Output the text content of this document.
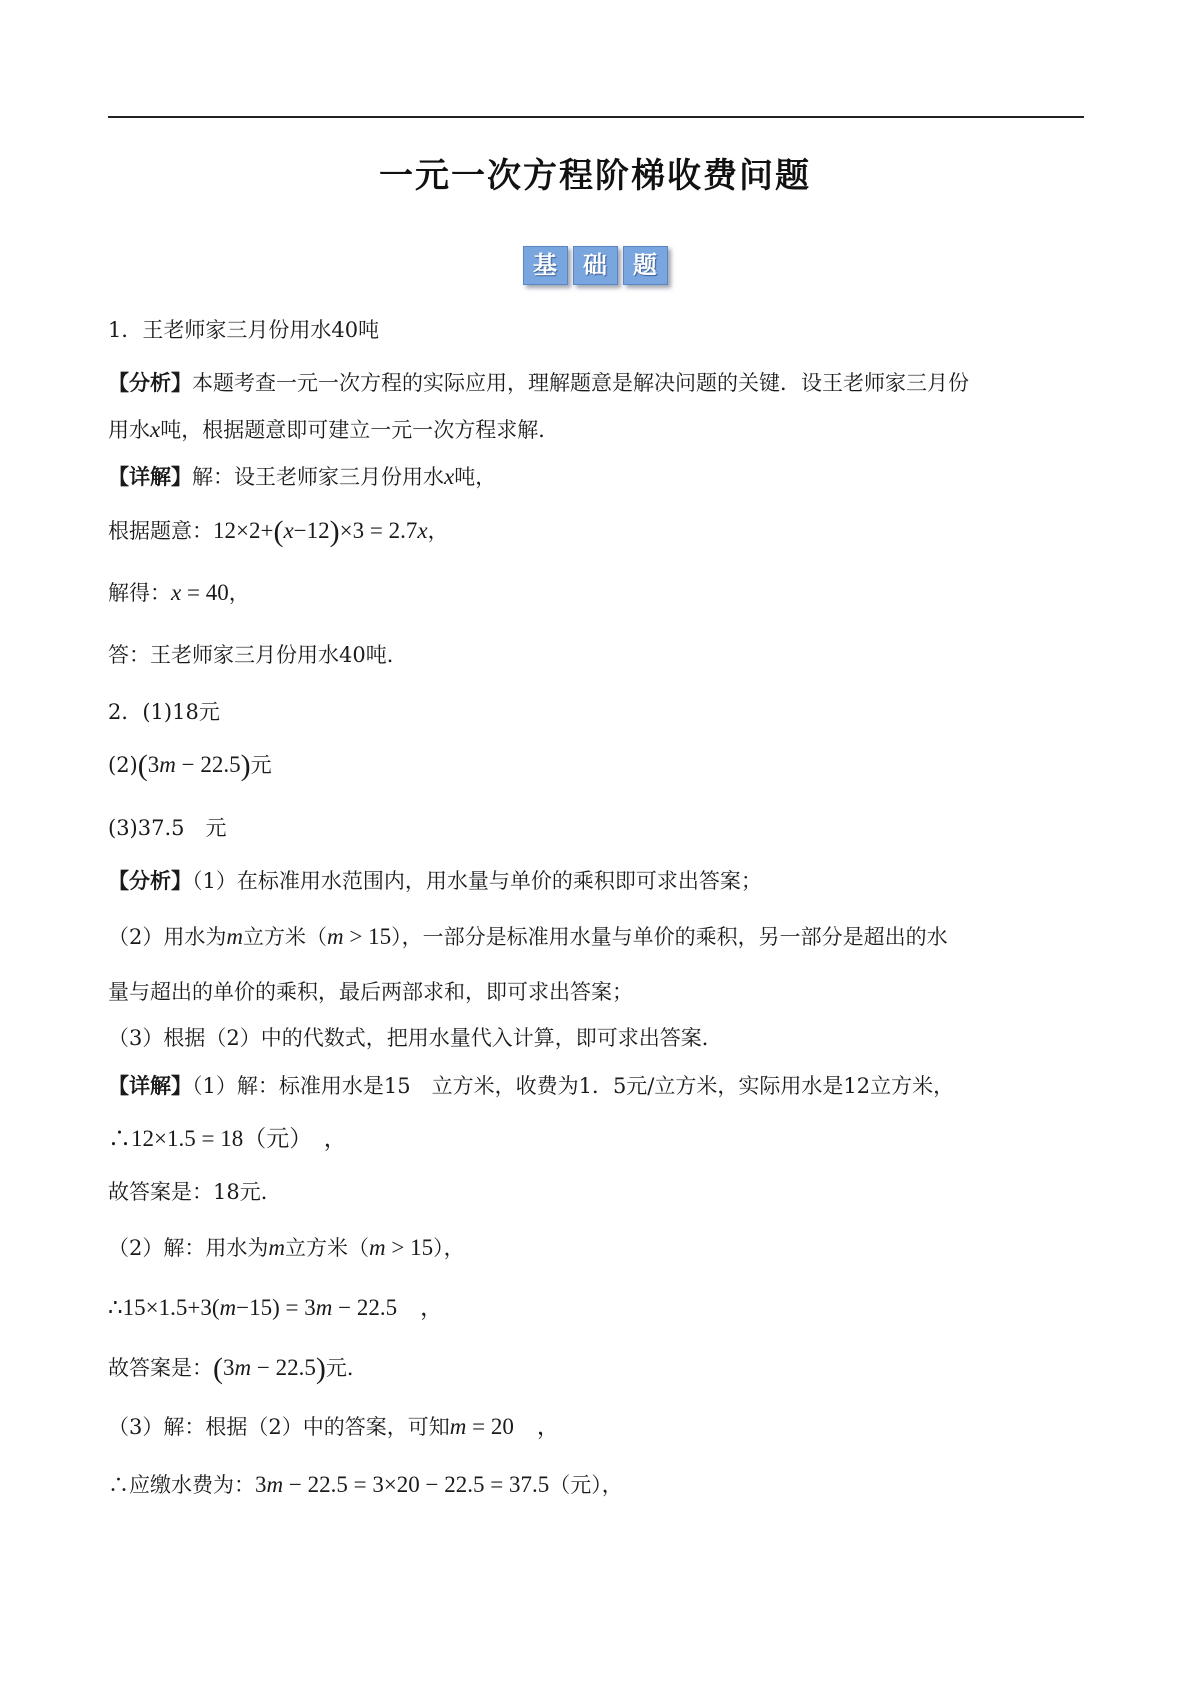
一元一次方程阶梯收费问题
基	础	题
1．王老师家三月份用水40吨
【分析】本题考查一元一次方程的实际应用，理解题意是解决问题的关键．设王老师家三月份
用水x吨，根据题意即可建立一元一次方程求解．
【详解】解：设王老师家三月份用水x吨，
根据题意：12×2+(x−12)×3 = 2.7x，
解得：x = 40，
答：王老师家三月份用水40吨．
2．(1)18元
(2)(3m − 22.5)元
(3)37.5　元
【分析】（1）在标准用水范围内，用水量与单价的乘积即可求出答案；
（2）用水为m立方米（m > 15），一部分是标准用水量与单价的乘积，另一部分是超出的水
量与超出的单价的乘积，最后两部求和，即可求出答案；
（3）根据（2）中的代数式，把用水量代入计算，即可求出答案．
【详解】（1）解：标准用水是15　立方米，收费为1．5元/立方米，实际用水是12立方米，
∴12×1.5 = 18（元）　，
故答案是：18元．
（2）解：用水为m立方米（m > 15），
∴15×1.5+3(m−15) = 3m − 22.5　，
故答案是：(3m − 22.5)元．
（3）解：根据（2）中的答案，可知m = 20　，
∴应缴水费为：3m − 22.5 = 3×20 − 22.5 = 37.5（元），
